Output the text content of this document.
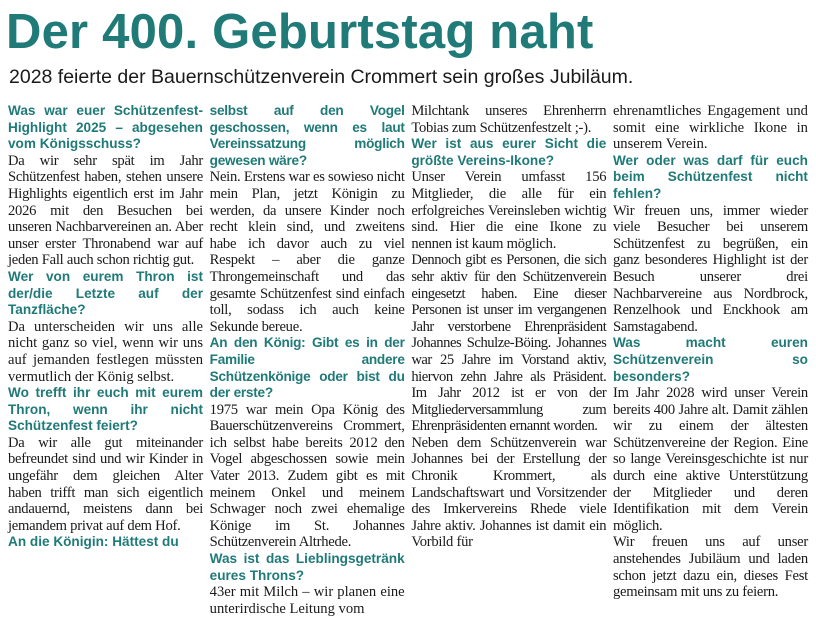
Der 400. Geburtstag naht

2028 feierte der Bauernschützenverein Crommert sein großes Jubiläum.

Was war euer Schützenfest-Highlight 2025 – abgesehen vom Königsschuss?

Da wir sehr spät im Jahr Schützenfest haben, stehen unsere Highlights eigentlich erst im Jahr 2026 mit den Besuchen bei unseren Nachbarvereinen an. Aber unser erster Thronabend war auf jeden Fall auch schon richtig gut.

Wer von eurem Thron ist der/die Letzte auf der Tanzfläche?

Da unterscheiden wir uns alle nicht ganz so viel, wenn wir uns auf jemanden festlegen müssten vermutlich der König selbst.

Wo trefft ihr euch mit eurem Thron, wenn ihr nicht Schützenfest feiert?

Da wir alle gut miteinander befreundet sind und wir Kinder in ungefähr dem gleichen Alter haben trifft man sich eigentlich andauernd, meistens dann bei jemandem privat auf dem Hof.

An die Königin: Hättest du

selbst auf den Vogel geschossen, wenn es laut Vereinssatzung möglich gewesen wäre?

Nein. Erstens war es sowieso nicht mein Plan, jetzt Königin zu werden, da unsere Kinder noch recht klein sind, und zweitens habe ich davor auch zu viel Respekt – aber die ganze Throngemeinschaft und das gesamte Schützenfest sind einfach toll, sodass ich auch keine Sekunde bereue.

An den König: Gibt es in der Familie andere Schützenkönige oder bist du der erste?

1975 war mein Opa König des Bauerschützenvereins Crommert, ich selbst habe bereits 2012 den Vogel abgeschossen sowie mein Vater 2013. Zudem gibt es mit meinem Onkel und meinem Schwager noch zwei ehemalige Könige im St. Johannes Schützenverein Altrhede.

Was ist das Lieblingsgetränk eures Throns?

43er mit Milch – wir planen eine unterirdische Leitung vom

Milchtank unseres Ehrenherrn Tobias zum Schützenfestzelt ;-).

Wer ist aus eurer Sicht die größte Vereins-Ikone?

Unser Verein umfasst 156 Mitglieder, die alle für ein erfolgreiches Vereinsleben wichtig sind. Hier die eine Ikone zu nennen ist kaum möglich.

Dennoch gibt es Personen, die sich sehr aktiv für den Schützenverein eingesetzt haben. Eine dieser Personen ist unser im vergangenen Jahr verstorbene Ehrenpräsident Johannes Schulze-Böing. Johannes war 25 Jahre im Vorstand aktiv, hiervon zehn Jahre als Präsident. Im Jahr 2012 ist er von der Mitgliederversammlung zum Ehrenpräsidenten ernannt worden.

Neben dem Schützenverein war Johannes bei der Erstellung der Chronik Krommert, als Landschaftswart und Vorsitzender des Imkervereins Rhede viele Jahre aktiv. Johannes ist damit ein Vorbild für

ehrenamtliches Engagement und somit eine wirkliche Ikone in unserem Verein.

Wer oder was darf für euch beim Schützenfest nicht fehlen?

Wir freuen uns, immer wieder viele Besucher bei unserem Schützenfest zu begrüßen, ein ganz besonderes Highlight ist der Besuch unserer drei Nachbarvereine aus Nordbrock, Renzelhook und Enckhook am Samstagabend.

Was macht euren Schützenverein so besonders?

Im Jahr 2028 wird unser Verein bereits 400 Jahre alt. Damit zählen wir zu einem der ältesten Schützenvereine der Region. Eine so lange Vereinsgeschichte ist nur durch eine aktive Unterstützung der Mitglieder und deren Identifikation mit dem Verein möglich.

Wir freuen uns auf unser anstehendes Jubiläum und laden schon jetzt dazu ein, dieses Fest gemeinsam mit uns zu feiern.
